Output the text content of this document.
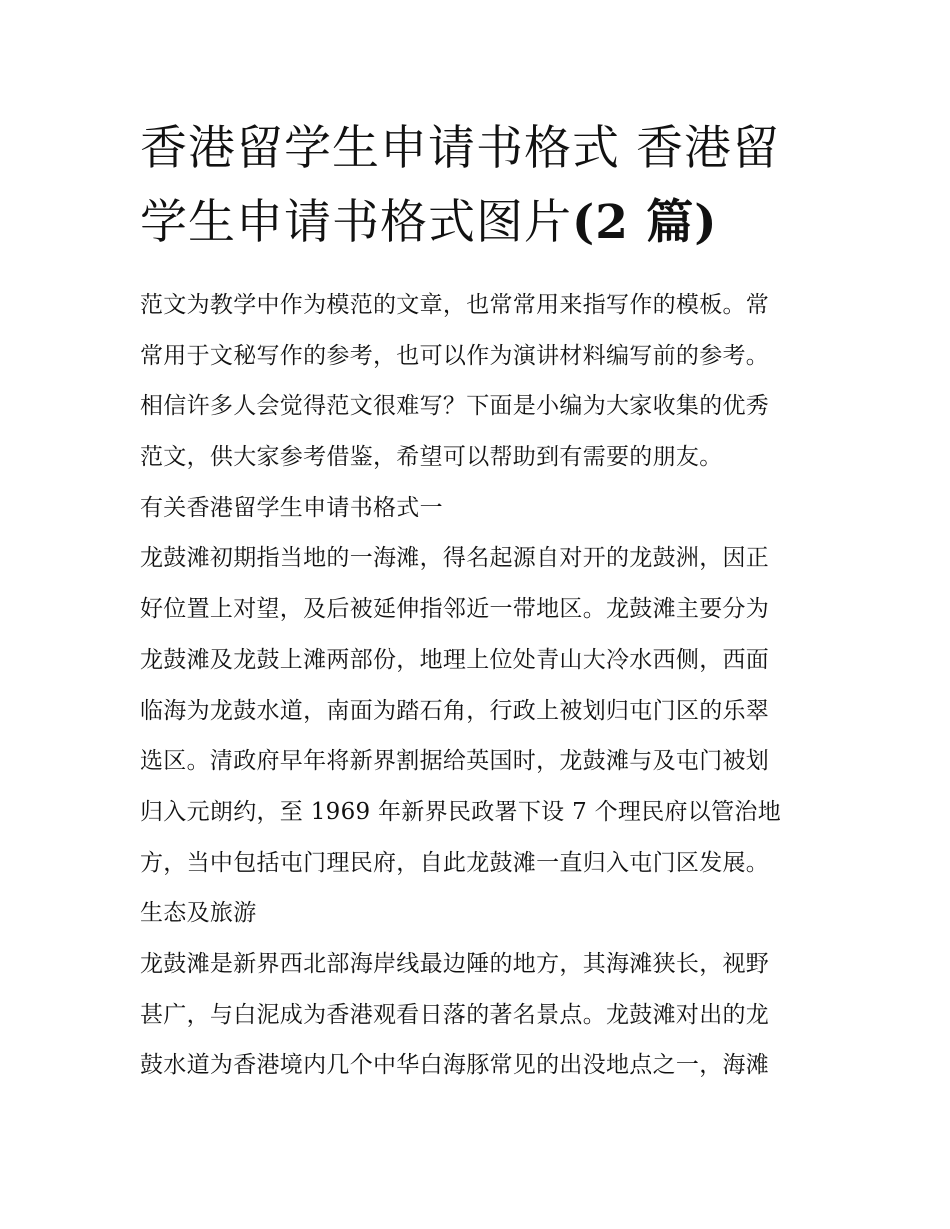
香港留学生申请书格式 香港留
学生申请书格式图片(2 篇)
范文为教学中作为模范的文章，也常常用来指写作的模板。常
常用于文秘写作的参考，也可以作为演讲材料编写前的参考。
相信许多人会觉得范文很难写？下面是小编为大家收集的优秀
范文，供大家参考借鉴，希望可以帮助到有需要的朋友。
有关香港留学生申请书格式一
龙鼓滩初期指当地的一海滩，得名起源自对开的龙鼓洲，因正
好位置上对望，及后被延伸指邻近一带地区。龙鼓滩主要分为
龙鼓滩及龙鼓上滩两部份，地理上位处青山大冷水西侧，西面
临海为龙鼓水道，南面为踏石角，行政上被划归屯门区的乐翠
选区。清政府早年将新界割据给英国时，龙鼓滩与及屯门被划
归入元朗约，至 1969 年新界民政署下设 7 个理民府以管治地
方，当中包括屯门理民府，自此龙鼓滩一直归入屯门区发展。
生态及旅游
龙鼓滩是新界西北部海岸线最边陲的地方，其海滩狭长，视野
甚广，与白泥成为香港观看日落的著名景点。龙鼓滩对出的龙
鼓水道为香港境内几个中华白海豚常见的出没地点之一，海滩
